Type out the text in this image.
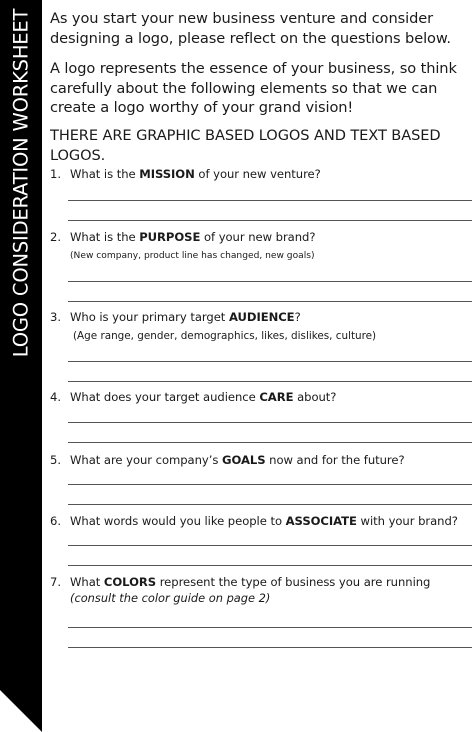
LOGO CONSIDERATION WORKSHEET As you start your new business venture and consider designing a logo, please reflect on the questions below.
A logo represents the essence of your business, so think carefully about the following elements so that we can create a logo worthy of your grand vision!
THERE ARE GRAPHIC BASED LOGOS AND TEXT BASED LOGOS.
1. What is the MISSION of your new venture?
2. What is the PURPOSE of your new brand?
(New company, product line has changed, new goals)
3. Who is your primary target AUDIENCE?
(Age range, gender, demographics, likes, dislikes, culture)
4. What does your target audience CARE about?
5. What are your company’s GOALS now and for the future?
6. What words would you like people to ASSOCIATE with your brand?
7. What COLORS represent the type of business you are running
(consult the color guide on page 2)
